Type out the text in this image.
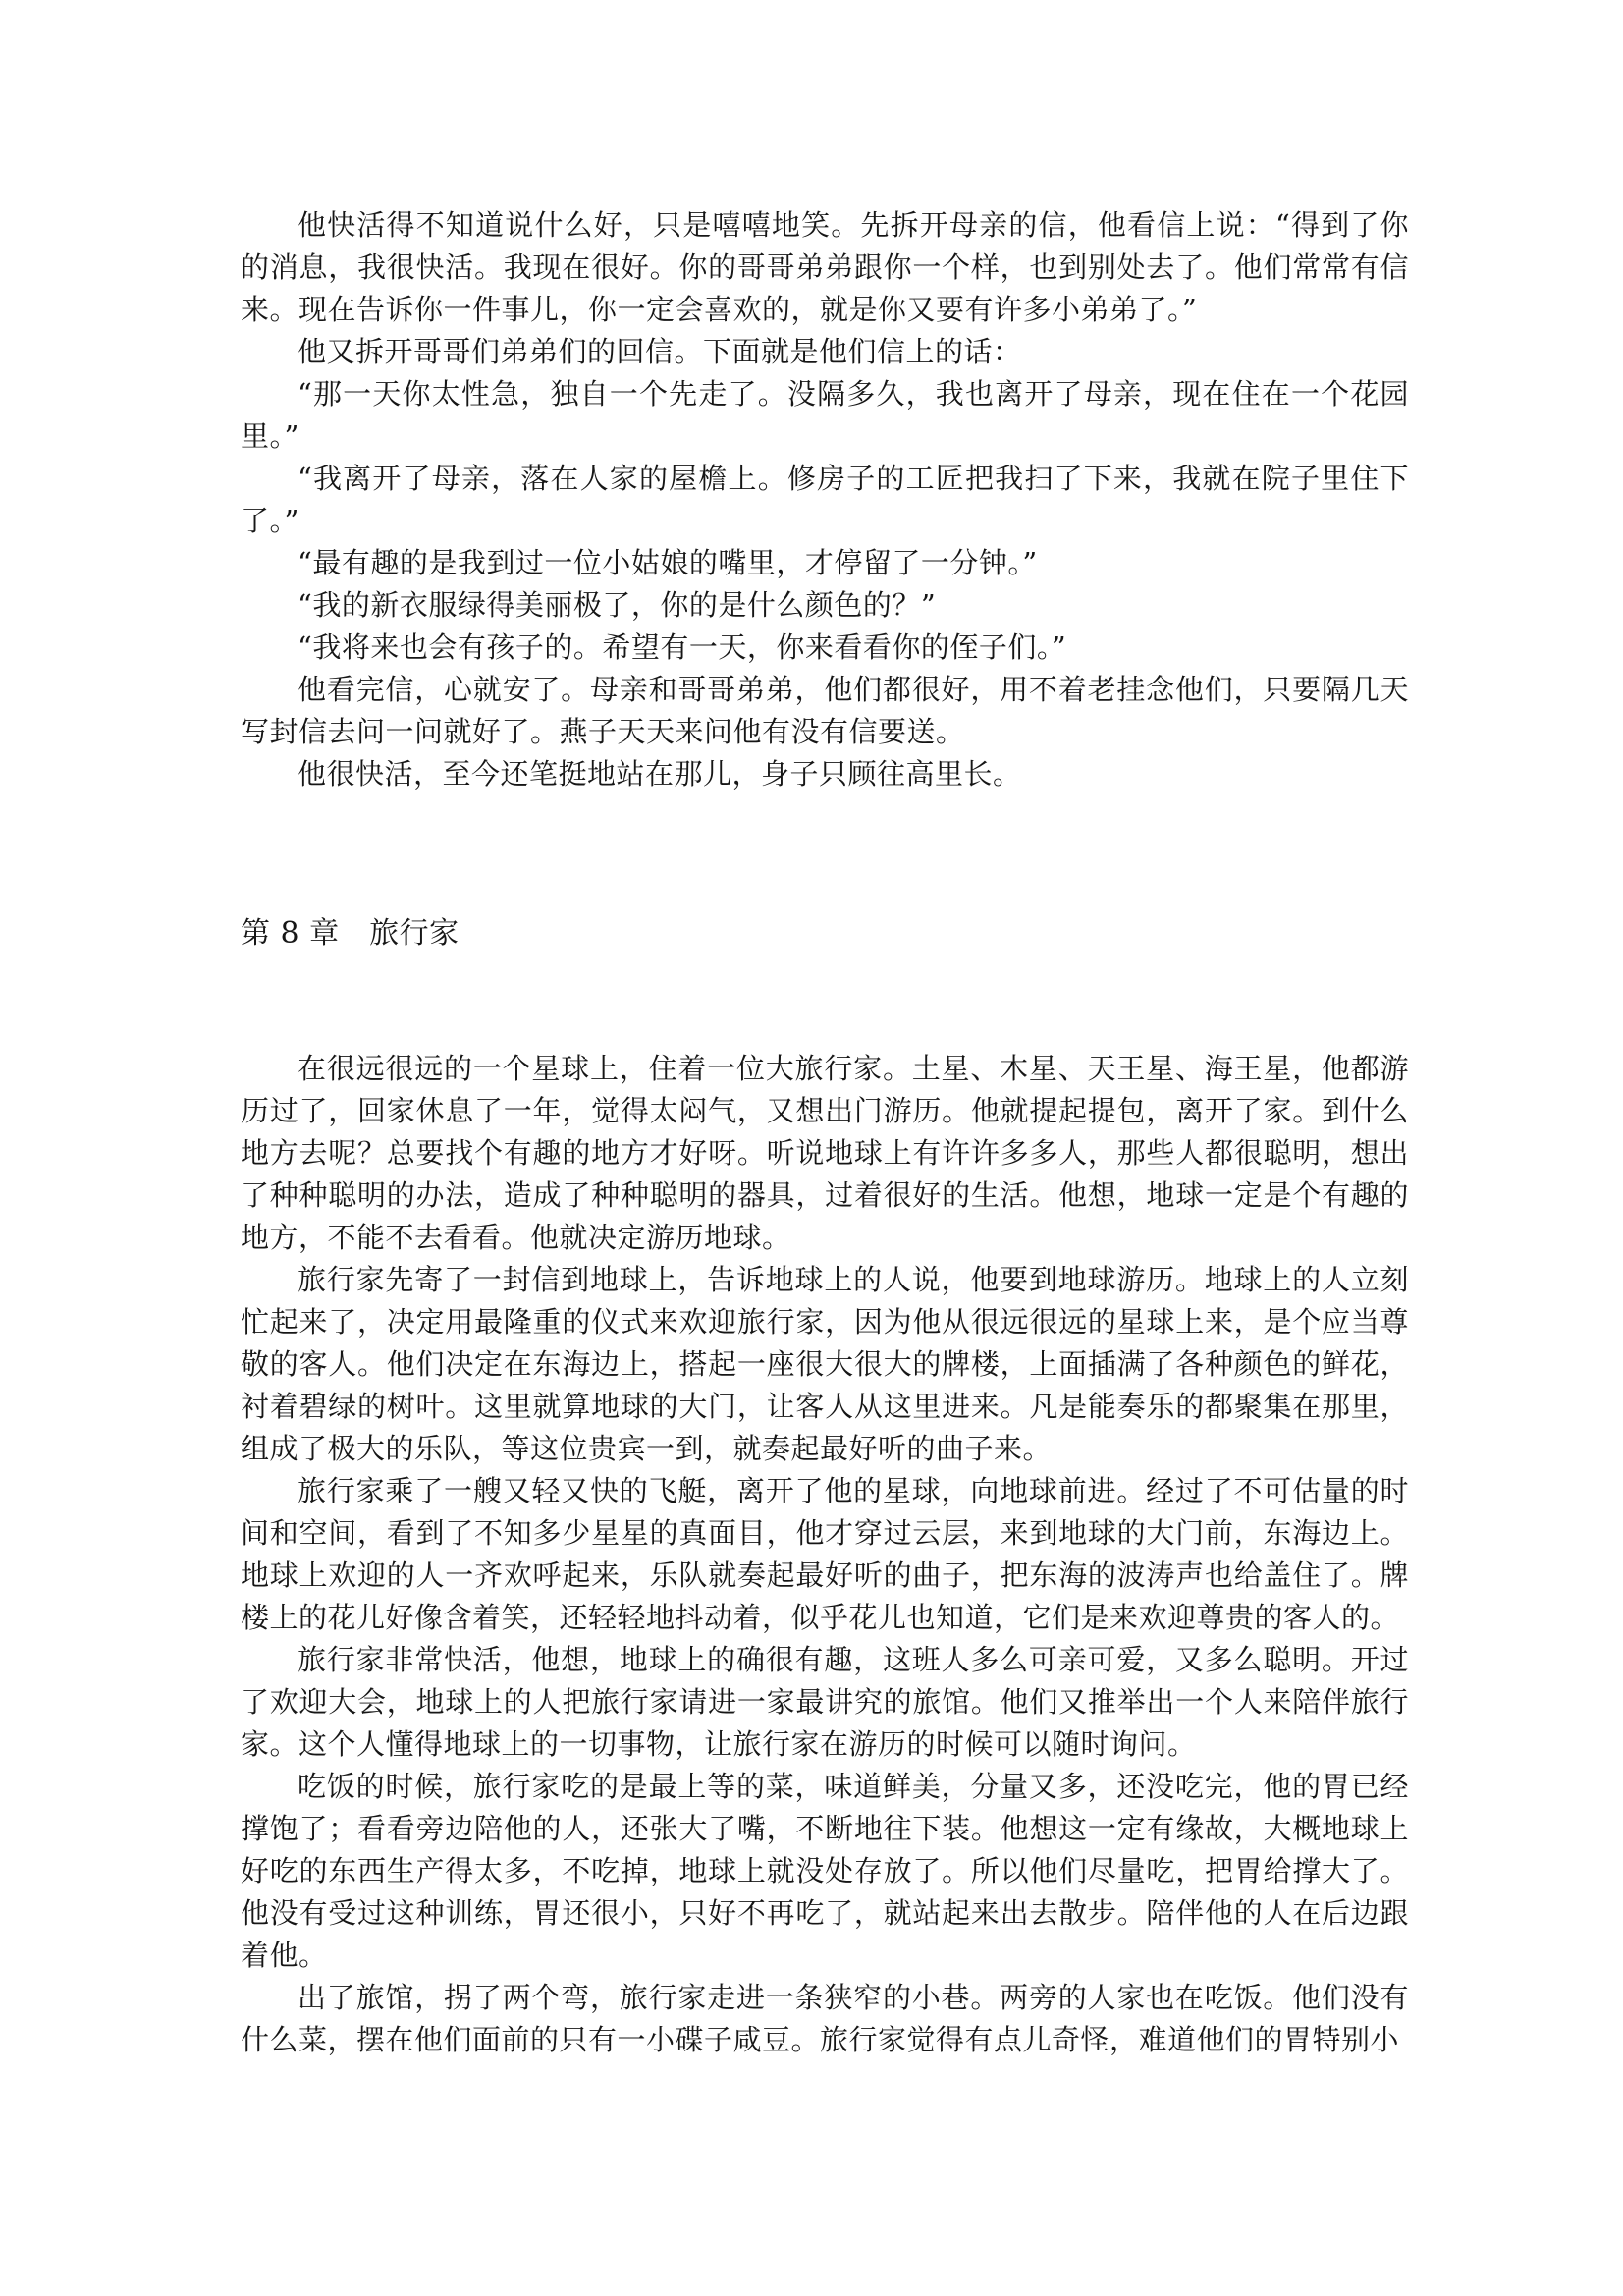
他快活得不知道说什么好，只是嘻嘻地笑。先拆开母亲的信，他看信上说：“得到了你的消息，我很快活。我现在很好。你的哥哥弟弟跟你一个样，也到别处去了。他们常常有信来。现在告诉你一件事儿，你一定会喜欢的，就是你又要有许多小弟弟了。”

他又拆开哥哥们弟弟们的回信。下面就是他们信上的话：

“那一天你太性急，独自一个先走了。没隔多久，我也离开了母亲，现在住在一个花园里。”

“我离开了母亲，落在人家的屋檐上。修房子的工匠把我扫了下来，我就在院子里住下了。”

“最有趣的是我到过一位小姑娘的嘴里，才停留了一分钟。”

“我的新衣服绿得美丽极了，你的是什么颜色的？”

“我将来也会有孩子的。希望有一天，你来看看你的侄子们。”

他看完信，心就安了。母亲和哥哥弟弟，他们都很好，用不着老挂念他们，只要隔几天写封信去问一问就好了。燕子天天来问他有没有信要送。

他很快活，至今还笔挺地站在那儿，身子只顾往高里长。

第 8 章　旅行家

在很远很远的一个星球上，住着一位大旅行家。土星、木星、天王星、海王星，他都游历过了，回家休息了一年，觉得太闷气，又想出门游历。他就提起提包，离开了家。到什么地方去呢？总要找个有趣的地方才好呀。听说地球上有许许多多人，那些人都很聪明，想出了种种聪明的办法，造成了种种聪明的器具，过着很好的生活。他想，地球一定是个有趣的地方，不能不去看看。他就决定游历地球。

旅行家先寄了一封信到地球上，告诉地球上的人说，他要到地球游历。地球上的人立刻忙起来了，决定用最隆重的仪式来欢迎旅行家，因为他从很远很远的星球上来，是个应当尊敬的客人。他们决定在东海边上，搭起一座很大很大的牌楼，上面插满了各种颜色的鲜花，衬着碧绿的树叶。这里就算地球的大门，让客人从这里进来。凡是能奏乐的都聚集在那里，组成了极大的乐队，等这位贵宾一到，就奏起最好听的曲子来。

旅行家乘了一艘又轻又快的飞艇，离开了他的星球，向地球前进。经过了不可估量的时间和空间，看到了不知多少星星的真面目，他才穿过云层，来到地球的大门前，东海边上。地球上欢迎的人一齐欢呼起来，乐队就奏起最好听的曲子，把东海的波涛声也给盖住了。牌楼上的花儿好像含着笑，还轻轻地抖动着，似乎花儿也知道，它们是来欢迎尊贵的客人的。

旅行家非常快活，他想，地球上的确很有趣，这班人多么可亲可爱，又多么聪明。开过了欢迎大会，地球上的人把旅行家请进一家最讲究的旅馆。他们又推举出一个人来陪伴旅行家。这个人懂得地球上的一切事物，让旅行家在游历的时候可以随时询问。

吃饭的时候，旅行家吃的是最上等的菜，味道鲜美，分量又多，还没吃完，他的胃已经撑饱了；看看旁边陪他的人，还张大了嘴，不断地往下装。他想这一定有缘故，大概地球上好吃的东西生产得太多，不吃掉，地球上就没处存放了。所以他们尽量吃，把胃给撑大了。他没有受过这种训练，胃还很小，只好不再吃了，就站起来出去散步。陪伴他的人在后边跟着他。

出了旅馆，拐了两个弯，旅行家走进一条狭窄的小巷。两旁的人家也在吃饭。他们没有什么菜，摆在他们面前的只有一小碟子咸豆。旅行家觉得有点儿奇怪，难道他们的胃特别小
